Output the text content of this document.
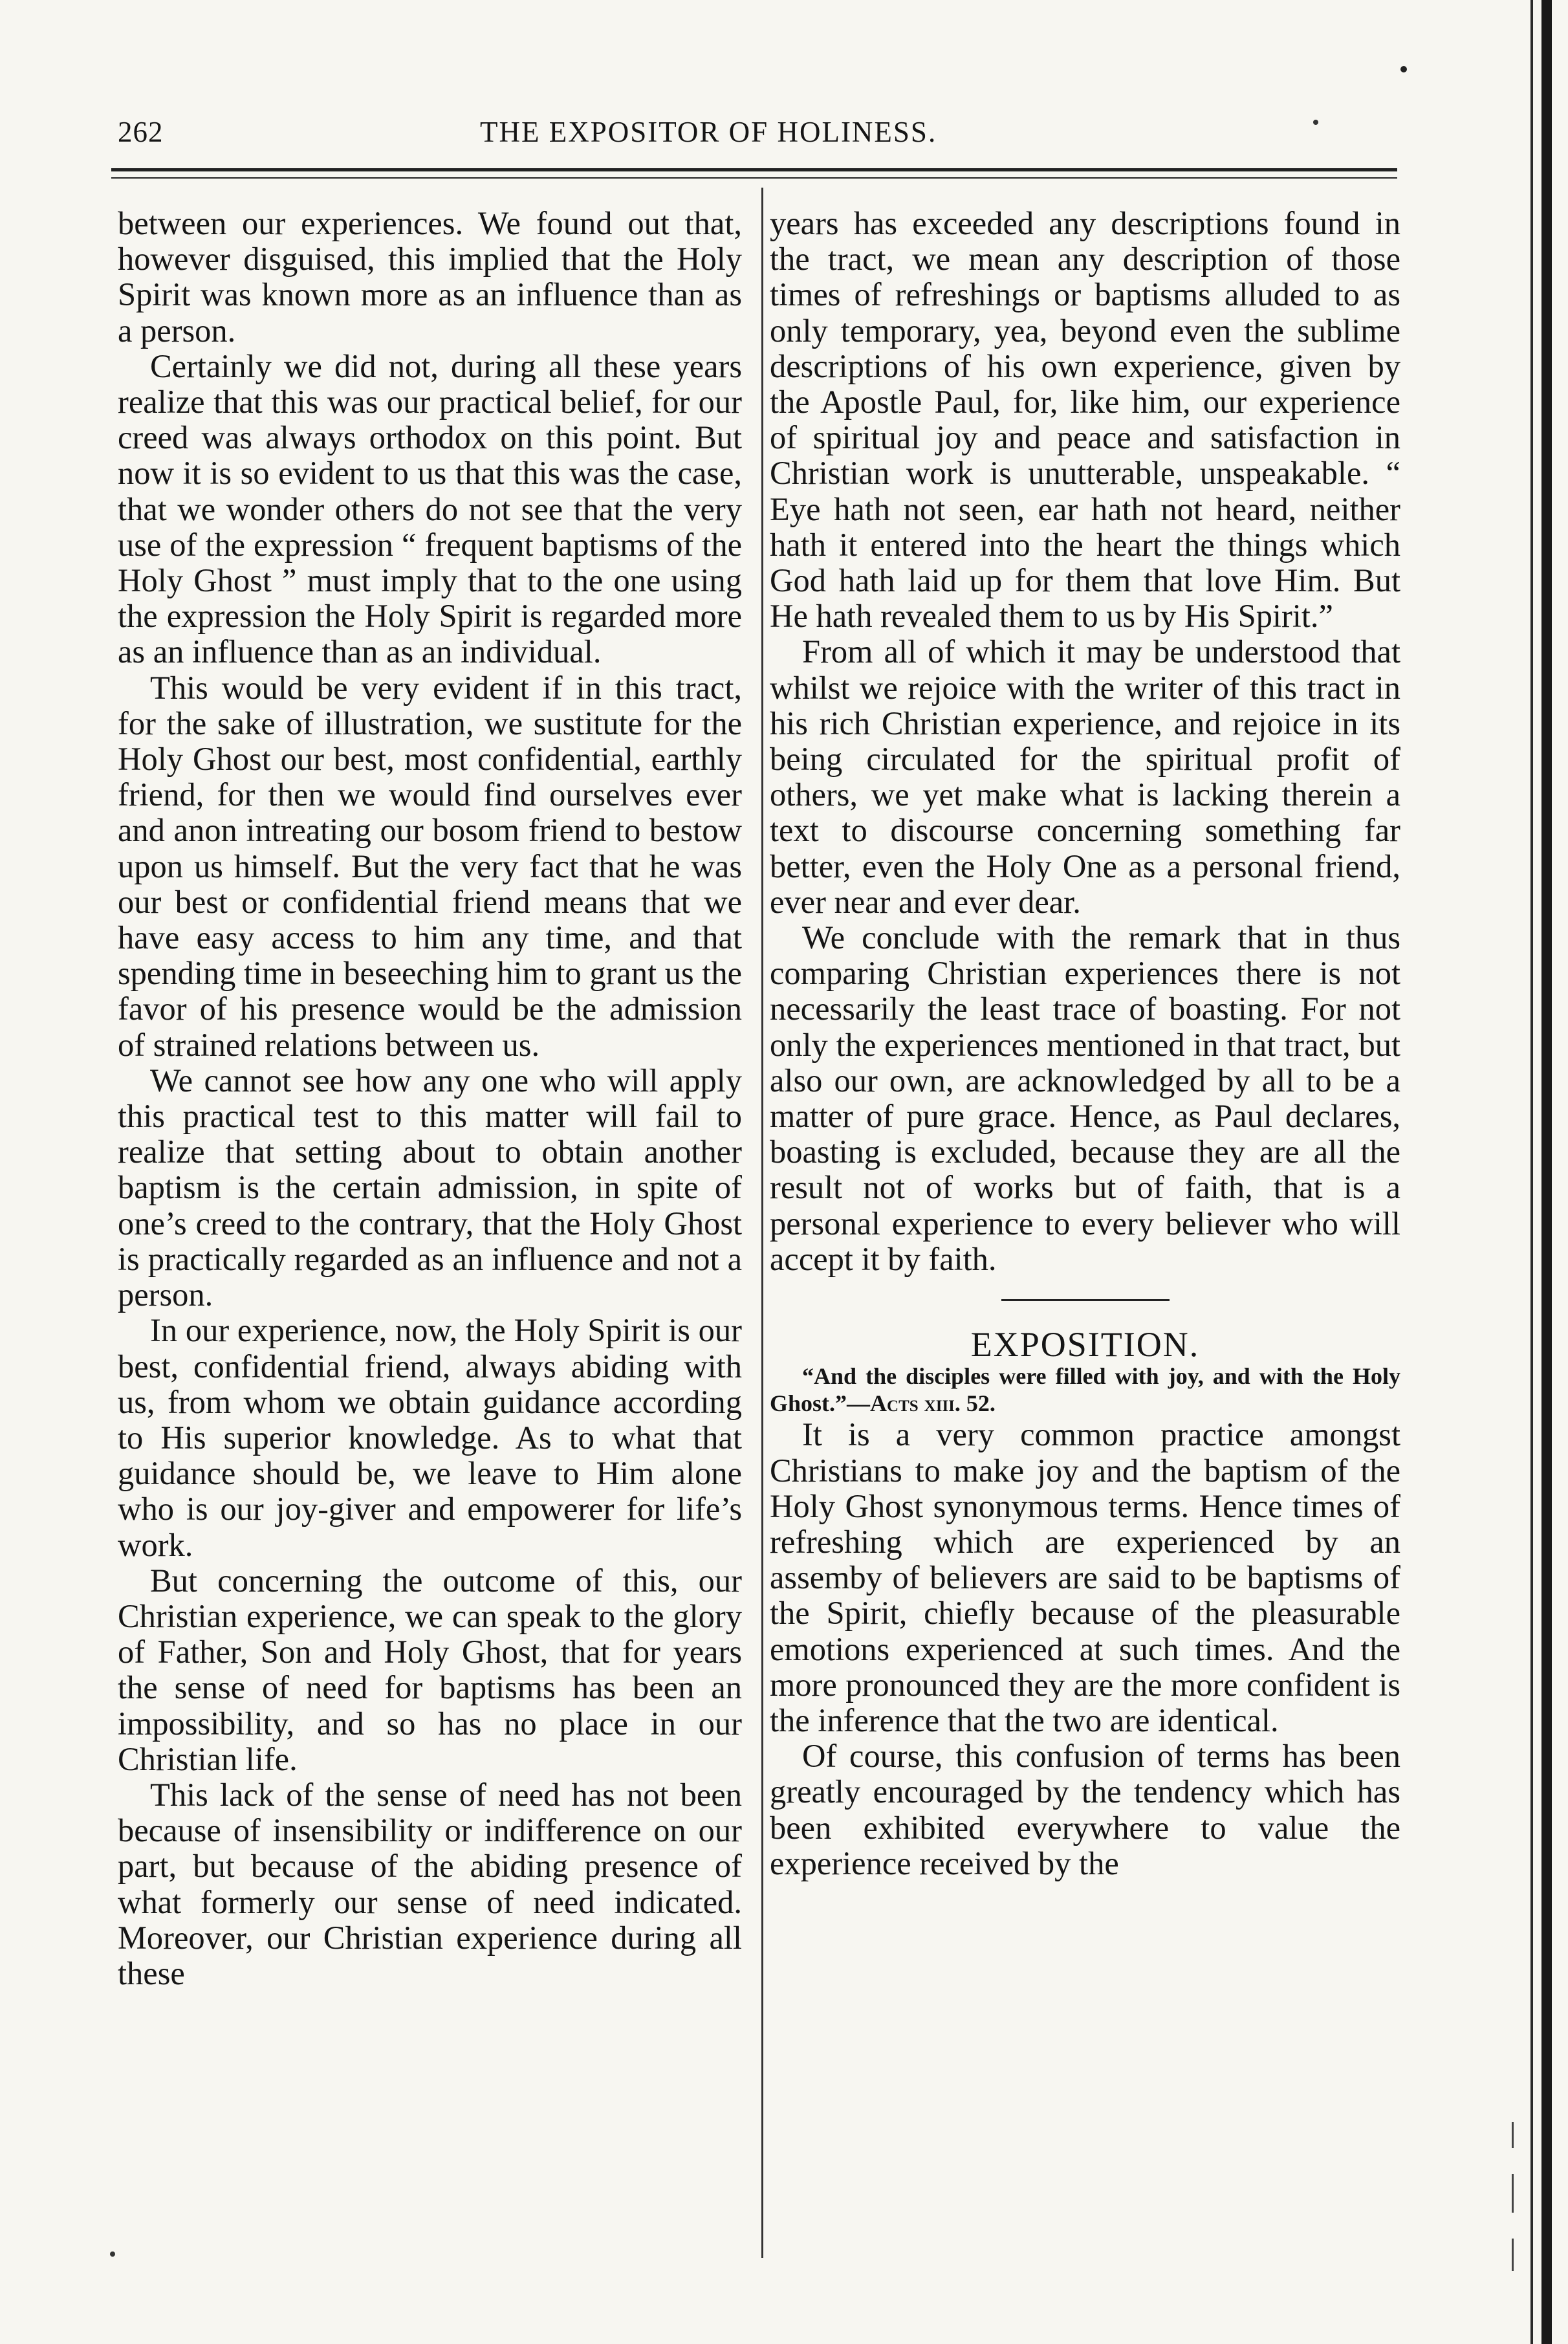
262	THE EXPOSITOR OF HOLINESS.

between our experiences. We found out that, however disguised, this implied that the Holy Spirit was known more as an influence than as a person.

Certainly we did not, during all these years realize that this was our practical belief, for our creed was always orthodox on this point. But now it is so evident to us that this was the case, that we wonder others do not see that the very use of the expression “ frequent baptisms of the Holy Ghost ” must imply that to the one using the expression the Holy Spirit is regarded more as an influence than as an individual.

This would be very evident if in this tract, for the sake of illustration, we sustitute for the Holy Ghost our best, most confidential, earthly friend, for then we would find ourselves ever and anon intreating our bosom friend to bestow upon us himself. But the very fact that he was our best or confidential friend means that we have easy access to him any time, and that spending time in beseeching him to grant us the favor of his presence would be the admission of strained relations between us.

We cannot see how any one who will apply this practical test to this matter will fail to realize that setting about to obtain another baptism is the certain admission, in spite of one’s creed to the contrary, that the Holy Ghost is practically regarded as an influence and not a person.

In our experience, now, the Holy Spirit is our best, confidential friend, always abiding with us, from whom we obtain guidance according to His superior knowledge. As to what that guidance should be, we leave to Him alone who is our joy-giver and empowerer for life’s work.

But concerning the outcome of this, our Christian experience, we can speak to the glory of Father, Son and Holy Ghost, that for years the sense of need for baptisms has been an impossibility, and so has no place in our Christian life.

This lack of the sense of need has not been because of insensibility or indifference on our part, but because of the abiding presence of what formerly our sense of need indicated. Moreover, our Christian experience during all these

years has exceeded any descriptions found in the tract, we mean any description of those times of refreshings or baptisms alluded to as only temporary, yea, beyond even the sublime descriptions of his own experience, given by the Apostle Paul, for, like him, our experience of spiritual joy and peace and satisfaction in Christian work is unutterable, unspeakable. “ Eye hath not seen, ear hath not heard, neither hath it entered into the heart the things which God hath laid up for them that love Him. But He hath revealed them to us by His Spirit.”

From all of which it may be understood that whilst we rejoice with the writer of this tract in his rich Christian experience, and rejoice in its being circulated for the spiritual profit of others, we yet make what is lacking therein a text to discourse concerning something far better, even the Holy One as a personal friend, ever near and ever dear.

We conclude with the remark that in thus comparing Christian experiences there is not necessarily the least trace of boasting. For not only the experiences mentioned in that tract, but also our own, are acknowledged by all to be a matter of pure grace. Hence, as Paul declares, boasting is excluded, because they are all the result not of works but of faith, that is a personal experience to every believer who will accept it by faith.

EXPOSITION.

“And the disciples were filled with joy, and with the Holy Ghost.”—Acts xiii. 52.

It is a very common practice amongst Christians to make joy and the baptism of the Holy Ghost synonymous terms. Hence times of refreshing which are experienced by an assemby of believers are said to be baptisms of the Spirit, chiefly because of the pleasurable emotions experienced at such times. And the more pronounced they are the more confident is the inference that the two are identical.

Of course, this confusion of terms has been greatly encouraged by the tendency which has been exhibited everywhere to value the experience received by the
